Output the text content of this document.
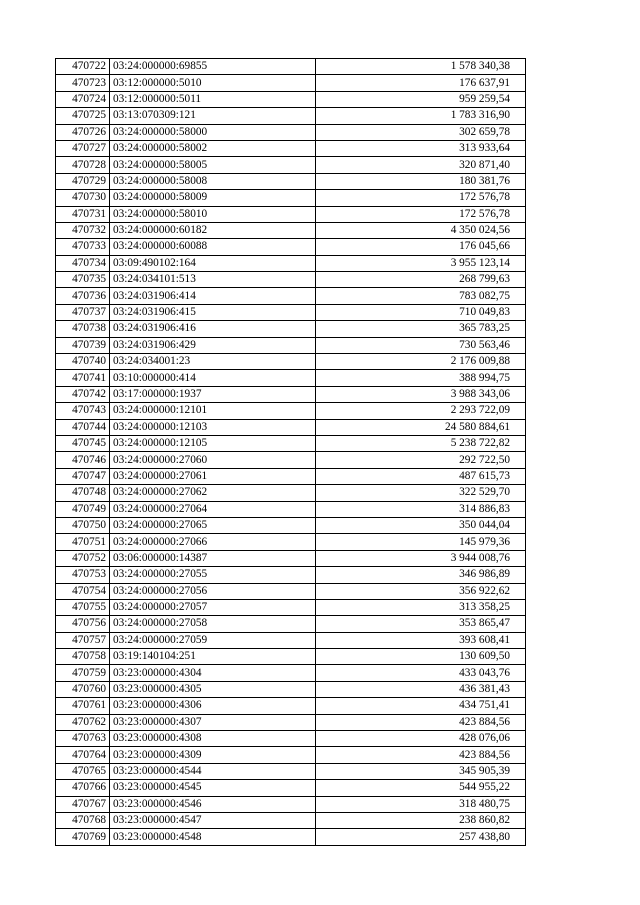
470722	03:24:000000:69855	1 578 340,38
470723	03:12:000000:5010	176 637,91
470724	03:12:000000:5011	959 259,54
470725	03:13:070309:121	1 783 316,90
470726	03:24:000000:58000	302 659,78
470727	03:24:000000:58002	313 933,64
470728	03:24:000000:58005	320 871,40
470729	03:24:000000:58008	180 381,76
470730	03:24:000000:58009	172 576,78
470731	03:24:000000:58010	172 576,78
470732	03:24:000000:60182	4 350 024,56
470733	03:24:000000:60088	176 045,66
470734	03:09:490102:164	3 955 123,14
470735	03:24:034101:513	268 799,63
470736	03:24:031906:414	783 082,75
470737	03:24:031906:415	710 049,83
470738	03:24:031906:416	365 783,25
470739	03:24:031906:429	730 563,46
470740	03:24:034001:23	2 176 009,88
470741	03:10:000000:414	388 994,75
470742	03:17:000000:1937	3 988 343,06
470743	03:24:000000:12101	2 293 722,09
470744	03:24:000000:12103	24 580 884,61
470745	03:24:000000:12105	5 238 722,82
470746	03:24:000000:27060	292 722,50
470747	03:24:000000:27061	487 615,73
470748	03:24:000000:27062	322 529,70
470749	03:24:000000:27064	314 886,83
470750	03:24:000000:27065	350 044,04
470751	03:24:000000:27066	145 979,36
470752	03:06:000000:14387	3 944 008,76
470753	03:24:000000:27055	346 986,89
470754	03:24:000000:27056	356 922,62
470755	03:24:000000:27057	313 358,25
470756	03:24:000000:27058	353 865,47
470757	03:24:000000:27059	393 608,41
470758	03:19:140104:251	130 609,50
470759	03:23:000000:4304	433 043,76
470760	03:23:000000:4305	436 381,43
470761	03:23:000000:4306	434 751,41
470762	03:23:000000:4307	423 884,56
470763	03:23:000000:4308	428 076,06
470764	03:23:000000:4309	423 884,56
470765	03:23:000000:4544	345 905,39
470766	03:23:000000:4545	544 955,22
470767	03:23:000000:4546	318 480,75
470768	03:23:000000:4547	238 860,82
470769	03:23:000000:4548	257 438,80
